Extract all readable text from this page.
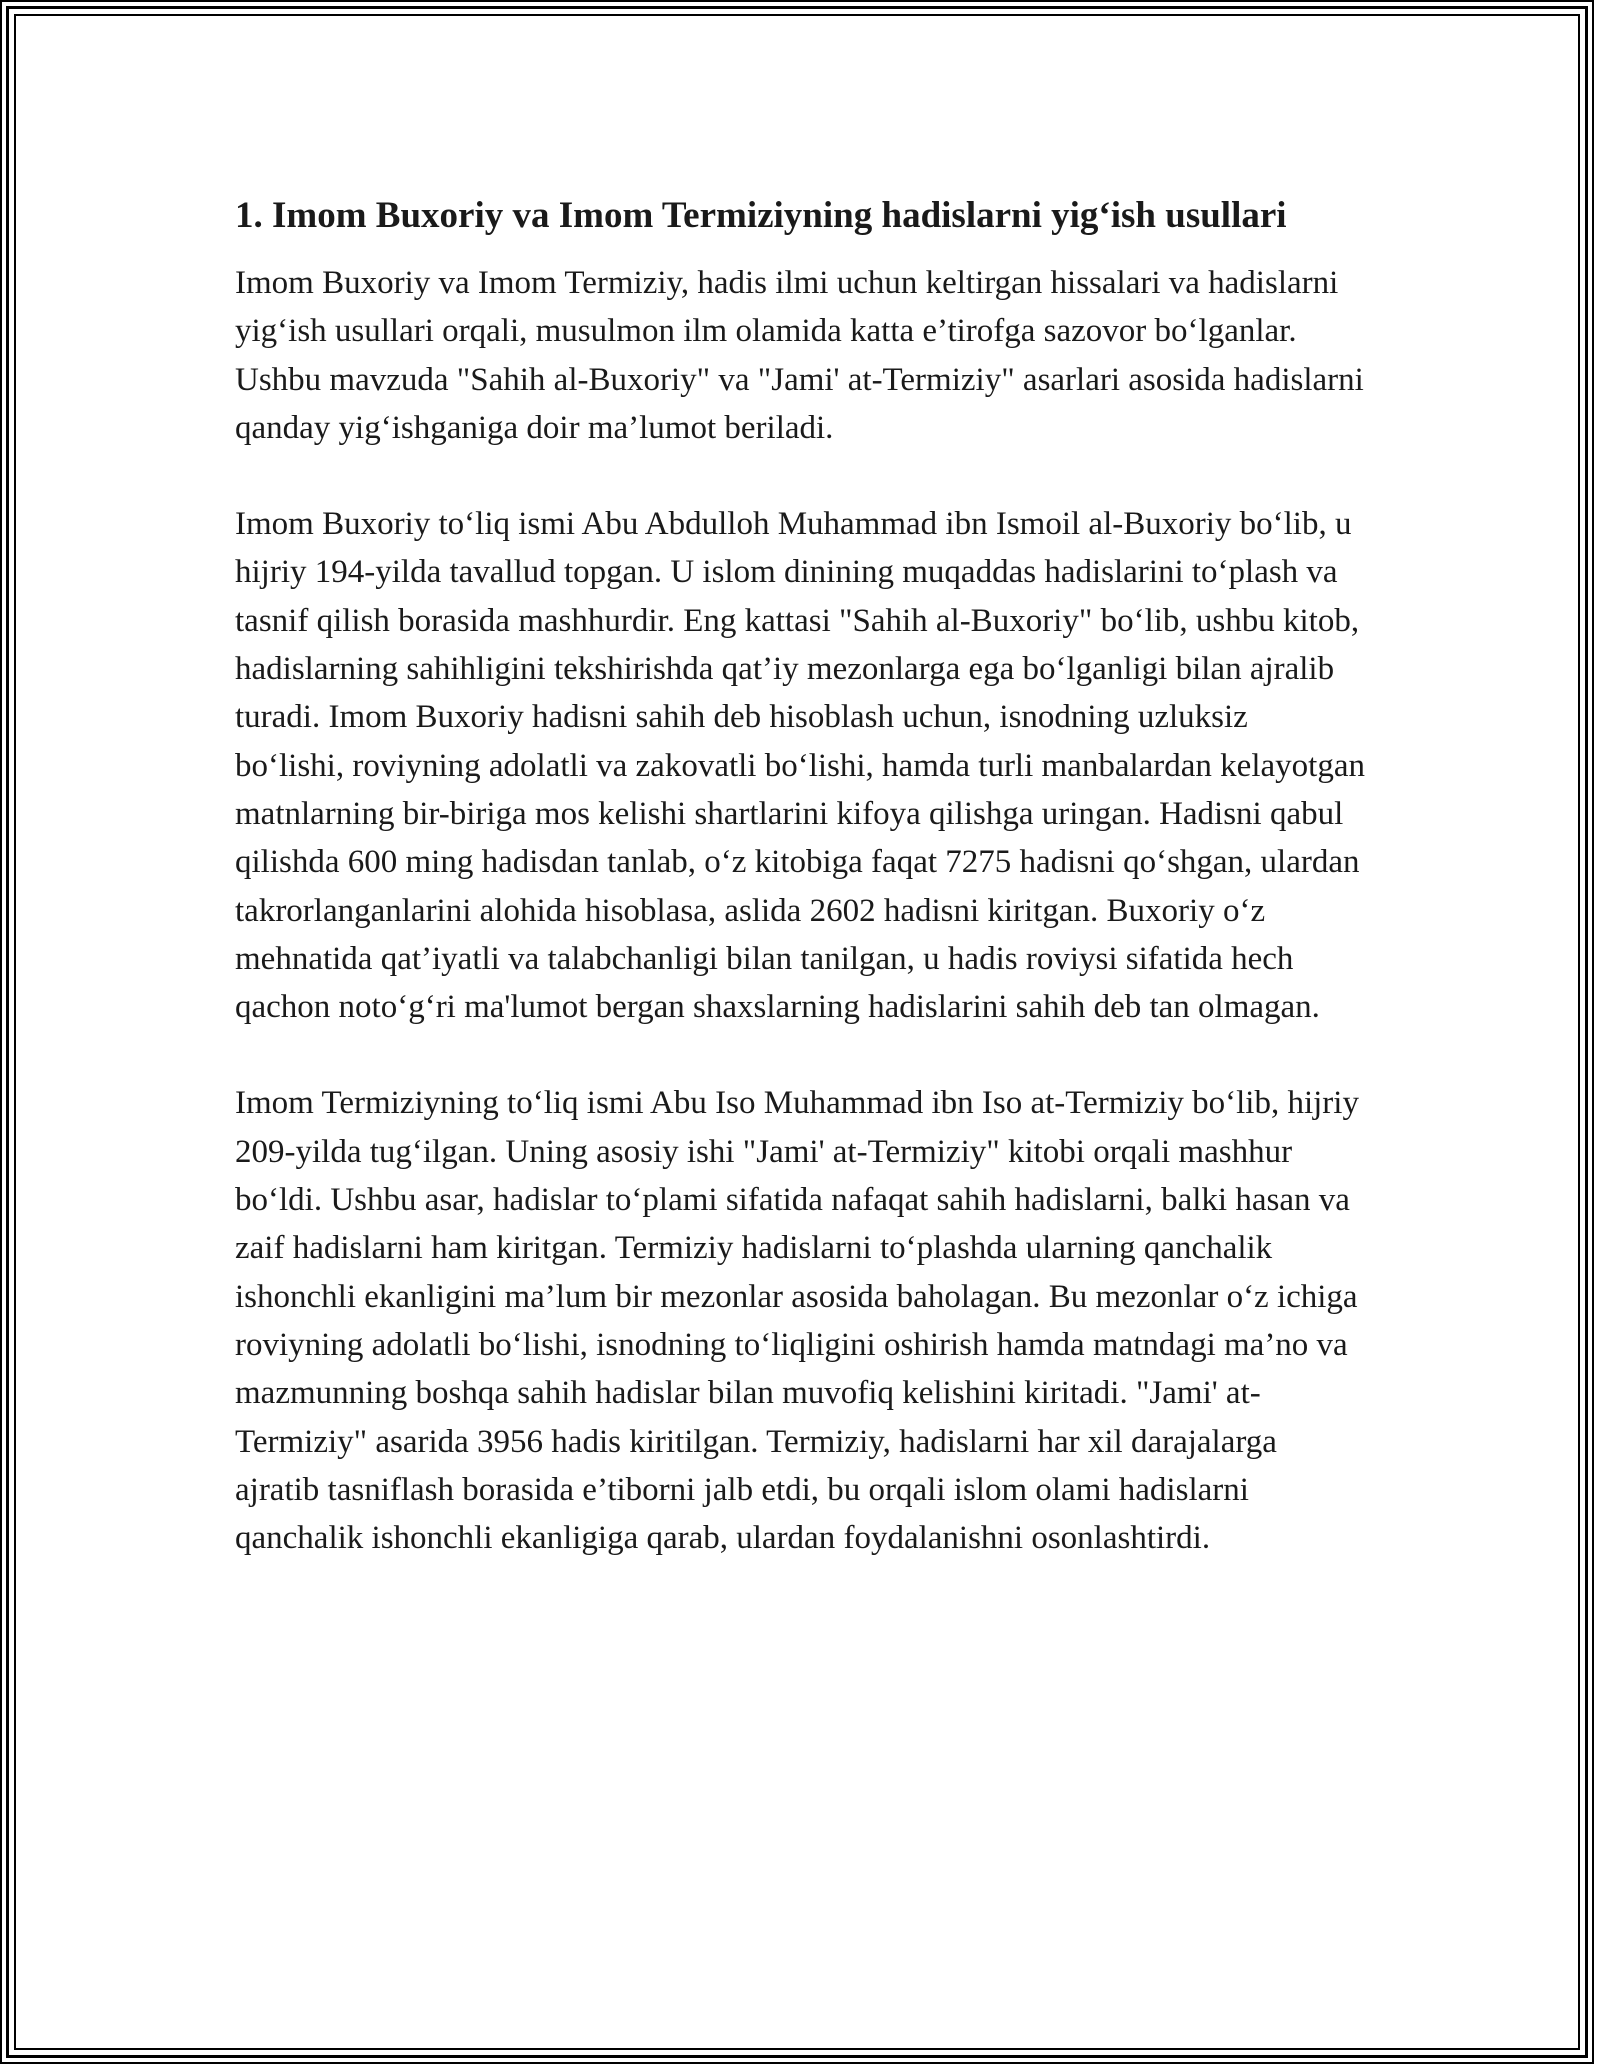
1. Imom Buxoriy va Imom Termiziyning hadislarni yig‘ish usullari

Imom Buxoriy va Imom Termiziy, hadis ilmi uchun keltirgan hissalari va hadislarni yig‘ish usullari orqali, musulmon ilm olamida katta e’tirofga sazovor bo‘lganlar. Ushbu mavzuda "Sahih al-Buxoriy" va "Jami' at-Termiziy" asarlari asosida hadislarni qanday yig‘ishganiga doir ma’lumot beriladi.

Imom Buxoriy to‘liq ismi Abu Abdulloh Muhammad ibn Ismoil al-Buxoriy bo‘lib, u hijriy 194-yilda tavallud topgan. U islom dinining muqaddas hadislarini to‘plash va tasnif qilish borasida mashhurdir. Eng kattasi "Sahih al-Buxoriy" bo‘lib, ushbu kitob, hadislarning sahihligini tekshirishda qat’iy mezonlarga ega bo‘lganligi bilan ajralib turadi. Imom Buxoriy hadisni sahih deb hisoblash uchun, isnodning uzluksiz bo‘lishi, roviyning adolatli va zakovatli bo‘lishi, hamda turli manbalardan kelayotgan matnlarning bir-biriga mos kelishi shartlarini kifoya qilishga uringan. Hadisni qabul qilishda 600 ming hadisdan tanlab, o‘z kitobiga faqat 7275 hadisni qo‘shgan, ulardan takrorlanganlarini alohida hisoblasa, aslida 2602 hadisni kiritgan. Buxoriy o‘z mehnatida qat’iyatli va talabchanligi bilan tanilgan, u hadis roviysi sifatida hech qachon noto‘g‘ri ma'lumot bergan shaxslarning hadislarini sahih deb tan olmagan.

Imom Termiziyning to‘liq ismi Abu Iso Muhammad ibn Iso at-Termiziy bo‘lib, hijriy 209-yilda tug‘ilgan. Uning asosiy ishi "Jami' at-Termiziy" kitobi orqali mashhur bo‘ldi. Ushbu asar, hadislar to‘plami sifatida nafaqat sahih hadislarni, balki hasan va zaif hadislarni ham kiritgan. Termiziy hadislarni to‘plashda ularning qanchalik ishonchli ekanligini ma’lum bir mezonlar asosida baholagan. Bu mezonlar o‘z ichiga roviyning adolatli bo‘lishi, isnodning to‘liqligini oshirish hamda matndagi ma’no va mazmunning boshqa sahih hadislar bilan muvofiq kelishini kiritadi. "Jami' at-Termiziy" asarida 3956 hadis kiritilgan. Termiziy, hadislarni har xil darajalarga ajratib tasniflash borasida e’tiborni jalb etdi, bu orqali islom olami hadislarni qanchalik ishonchli ekanligiga qarab, ulardan foydalanishni osonlashtirdi.
